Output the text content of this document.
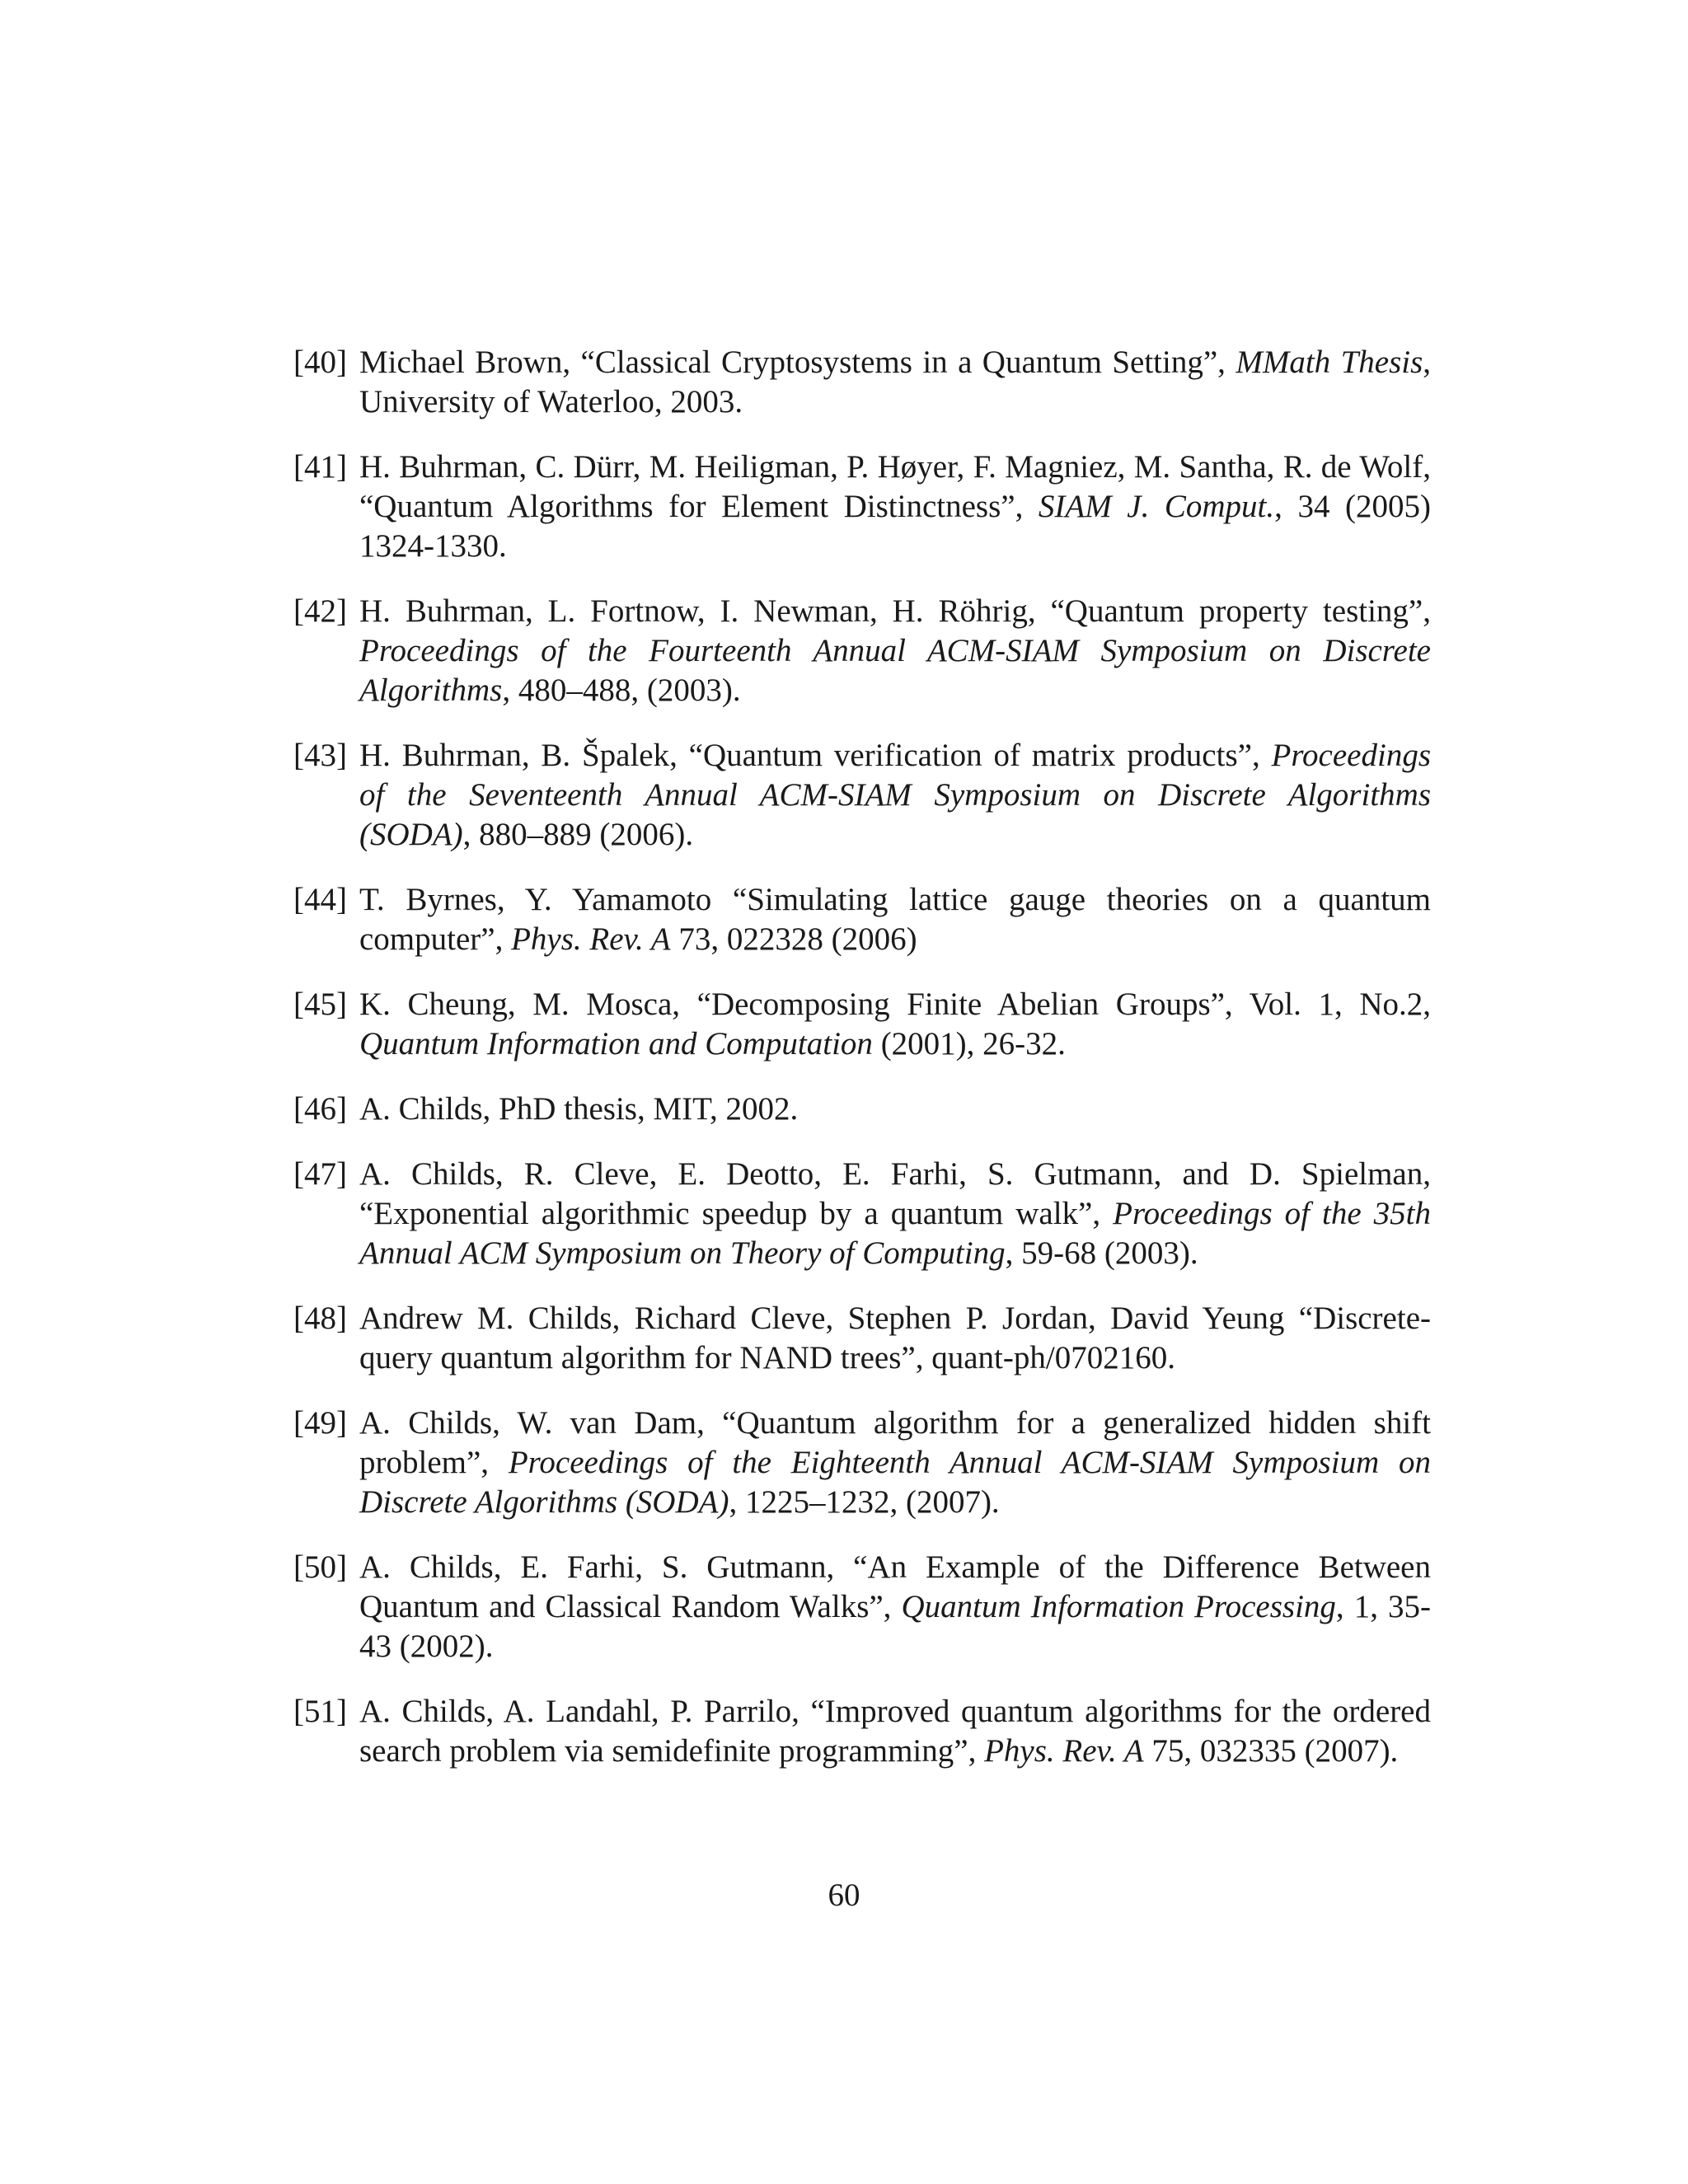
[40] Michael Brown, “Classical Cryptosystems in a Quantum Setting”, MMath Thesis, University of Waterloo, 2003.
[41] H. Buhrman, C. Dürr, M. Heiligman, P. Høyer, F. Magniez, M. Santha, R. de Wolf, “Quantum Algorithms for Element Distinctness”, SIAM J. Comput., 34 (2005) 1324-1330.
[42] H. Buhrman, L. Fortnow, I. Newman, H. Röhrig, “Quantum property testing”, Proceedings of the Fourteenth Annual ACM-SIAM Symposium on Discrete Algorithms, 480–488, (2003).
[43] H. Buhrman, B. Špalek, “Quantum verification of matrix products”, Proceedings of the Seventeenth Annual ACM-SIAM Symposium on Discrete Algorithms (SODA), 880–889 (2006).
[44] T. Byrnes, Y. Yamamoto “Simulating lattice gauge theories on a quantum computer”, Phys. Rev. A 73, 022328 (2006)
[45] K. Cheung, M. Mosca, “Decomposing Finite Abelian Groups”, Vol. 1, No.2, Quantum Information and Computation (2001), 26-32.
[46] A. Childs, PhD thesis, MIT, 2002.
[47] A. Childs, R. Cleve, E. Deotto, E. Farhi, S. Gutmann, and D. Spielman, “Exponential algorithmic speedup by a quantum walk”, Proceedings of the 35th Annual ACM Symposium on Theory of Computing, 59-68 (2003).
[48] Andrew M. Childs, Richard Cleve, Stephen P. Jordan, David Yeung “Discrete-query quantum algorithm for NAND trees”, quant-ph/0702160.
[49] A. Childs, W. van Dam, “Quantum algorithm for a generalized hidden shift problem”, Proceedings of the Eighteenth Annual ACM-SIAM Symposium on Discrete Algorithms (SODA), 1225–1232, (2007).
[50] A. Childs, E. Farhi, S. Gutmann, “An Example of the Difference Between Quantum and Classical Random Walks”, Quantum Information Processing, 1, 35-43 (2002).
[51] A. Childs, A. Landahl, P. Parrilo, “Improved quantum algorithms for the ordered search problem via semidefinite programming”, Phys. Rev. A 75, 032335 (2007).
60
